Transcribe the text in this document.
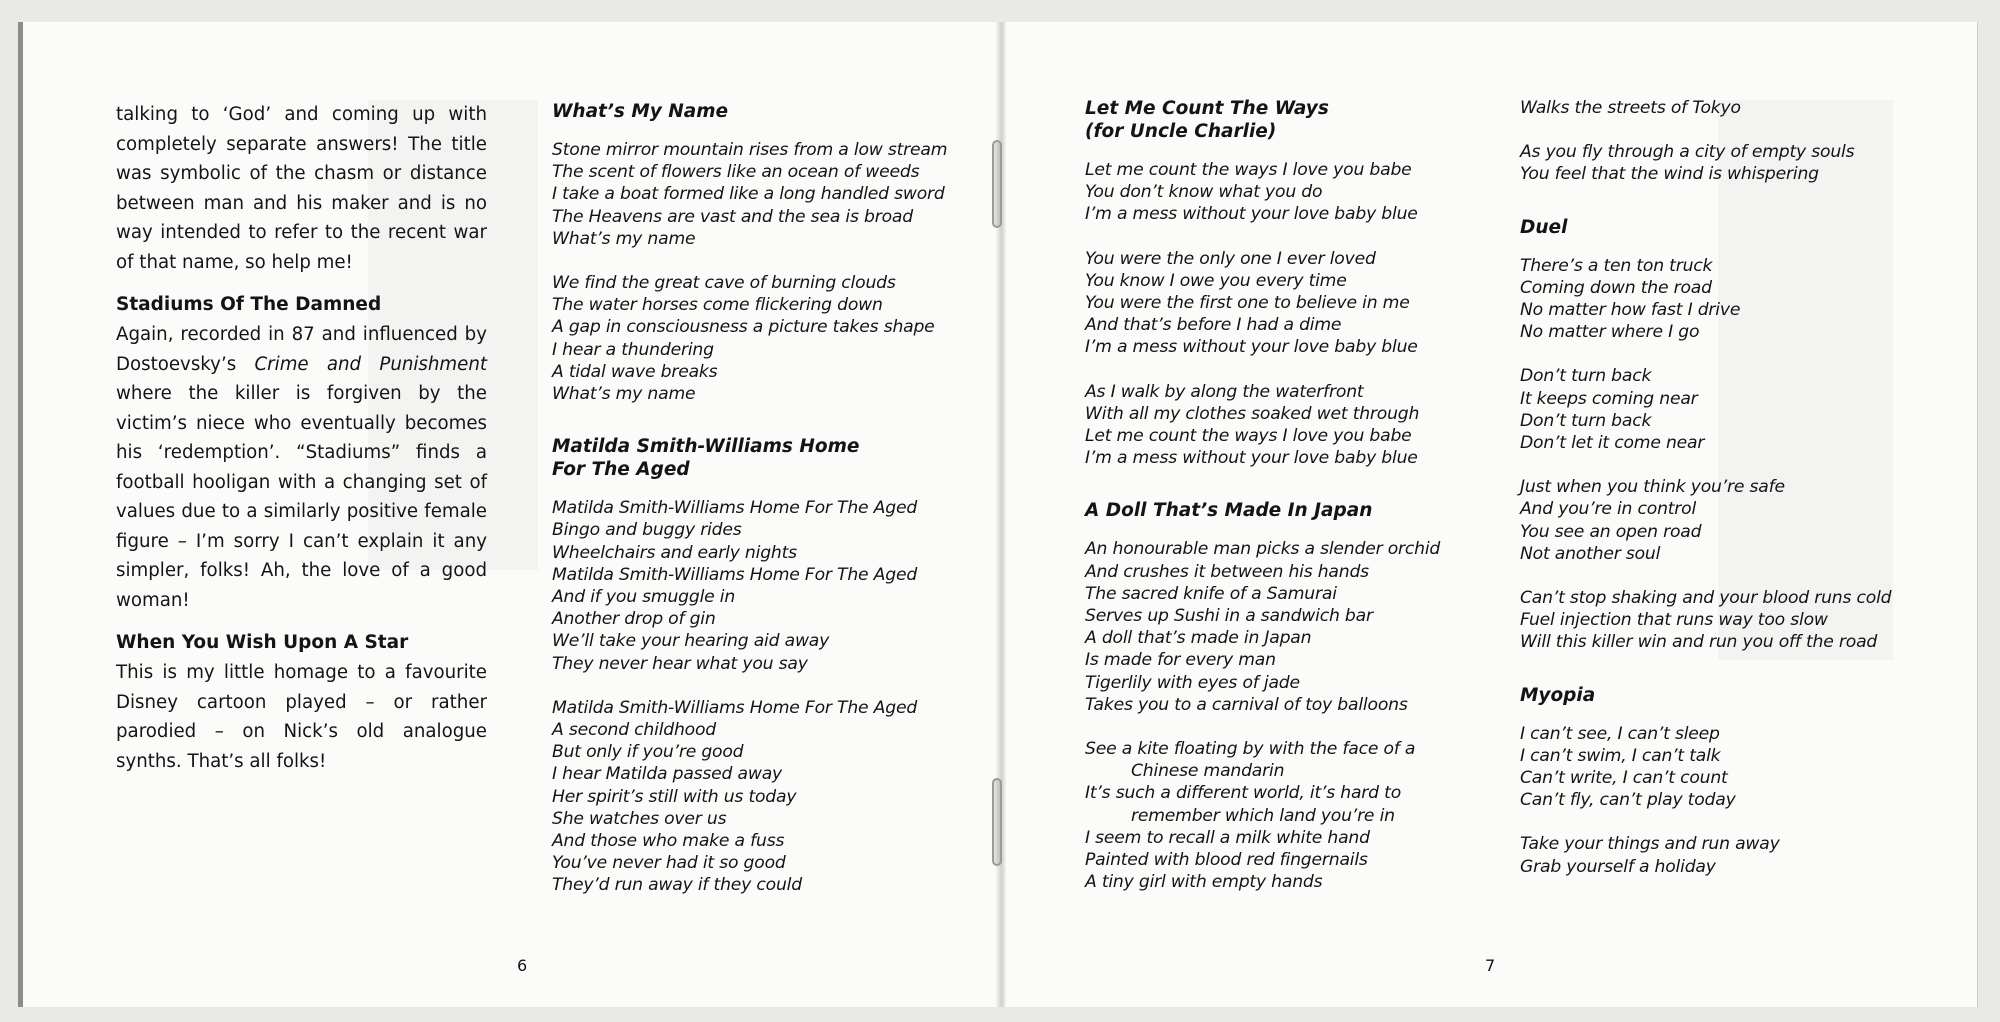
talking to ‘God’ and coming up with completely separate answers! The title was symbolic of the chasm or distance between man and his maker and is no way intended to refer to the recent war of that name, so help me!

Stadiums Of The Damned

Again, recorded in 87 and influenced by Dostoevsky’s Crime and Punishment where the killer is forgiven by the victim’s niece who eventually becomes his ‘redemption’. “Stadiums” finds a football hooligan with a changing set of values due to a similarly positive female figure – I’m sorry I can’t explain it any simpler, folks! Ah, the love of a good woman!

When You Wish Upon A Star

This is my little homage to a favourite Disney cartoon played – or rather parodied – on Nick’s old analogue synths. That’s all folks!

What’s My Name
Stone mirror mountain rises from a low stream
The scent of flowers like an ocean of weeds
I take a boat formed like a long handled sword
The Heavens are vast and the sea is broad
What’s my name
We find the great cave of burning clouds
The water horses come flickering down
A gap in consciousness a picture takes shape
I hear a thundering
A tidal wave breaks
What’s my name
Matilda Smith-Williams Home
For The Aged
Matilda Smith-Williams Home For The Aged
Bingo and buggy rides
Wheelchairs and early nights
Matilda Smith-Williams Home For The Aged
And if you smuggle in
Another drop of gin
We’ll take your hearing aid away
They never hear what you say
Matilda Smith-Williams Home For The Aged
A second childhood
But only if you’re good
I hear Matilda passed away
Her spirit’s still with us today
She watches over us
And those who make a fuss
You’ve never had it so good
They’d run away if they could
Let Me Count The Ways
(for Uncle Charlie)
Let me count the ways I love you babe
You don’t know what you do
I’m a mess without your love baby blue
You were the only one I ever loved
You know I owe you every time
You were the first one to believe in me
And that’s before I had a dime
I’m a mess without your love baby blue
As I walk by along the waterfront
With all my clothes soaked wet through
Let me count the ways I love you babe
I’m a mess without your love baby blue
A Doll That’s Made In Japan
An honourable man picks a slender orchid
And crushes it between his hands
The sacred knife of a Samurai
Serves up Sushi in a sandwich bar
A doll that’s made in Japan
Is made for every man
Tigerlily with eyes of jade
Takes you to a carnival of toy balloons
See a kite floating by with the face of a
Chinese mandarin
It’s such a different world, it’s hard to
remember which land you’re in
I seem to recall a milk white hand
Painted with blood red fingernails
A tiny girl with empty hands
Walks the streets of Tokyo
As you fly through a city of empty souls
You feel that the wind is whispering
Duel
There’s a ten ton truck
Coming down the road
No matter how fast I drive
No matter where I go
Don’t turn back
It keeps coming near
Don’t turn back
Don’t let it come near
Just when you think you’re safe
And you’re in control
You see an open road
Not another soul
Can’t stop shaking and your blood runs cold
Fuel injection that runs way too slow
Will this killer win and run you off the road
Myopia
I can’t see, I can’t sleep
I can’t swim, I can’t talk
Can’t write, I can’t count
Can’t fly, can’t play today
Take your things and run away
Grab yourself a holiday
6	7
